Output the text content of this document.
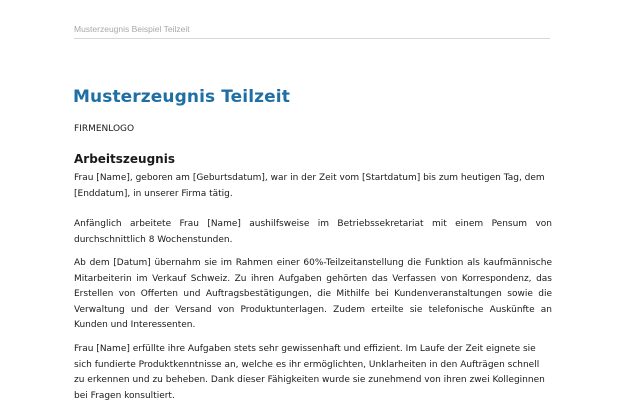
Musterzeugnis Beispiel Teilzeit
Musterzeugnis Teilzeit
FIRMENLOGO
Arbeitszeugnis

Frau [Name], geboren am [Geburtsdatum], war in der Zeit vom [Startdatum] bis zum heutigen Tag, dem [Enddatum], in unserer Firma tätig.

Anfänglich arbeitete Frau [Name] aushilfsweise im Betriebssekretariat mit einem Pensum von durchschnittlich 8 Wochenstunden.

Ab dem [Datum] übernahm sie im Rahmen einer 60%-Teilzeitanstellung die Funktion als kaufmännische Mitarbeiterin im Verkauf Schweiz. Zu ihren Aufgaben gehörten das Verfassen von Korrespondenz, das Erstellen von Offerten und Auftragsbestätigungen, die Mithilfe bei Kundenveranstaltungen sowie die Verwaltung und der Versand von Produktunterlagen. Zudem erteilte sie telefonische Auskünfte an Kunden und Interessenten.

Frau [Name] erfüllte ihre Aufgaben stets sehr gewissenhaft und effizient. Im Laufe der Zeit eignete sie sich fundierte Produktkenntnisse an, welche es ihr ermöglichten, Unklarheiten in den Aufträgen schnell zu erkennen und zu beheben. Dank dieser Fähigkeiten wurde sie zunehmend von ihren zwei Kolleginnen bei Fragen konsultiert.
